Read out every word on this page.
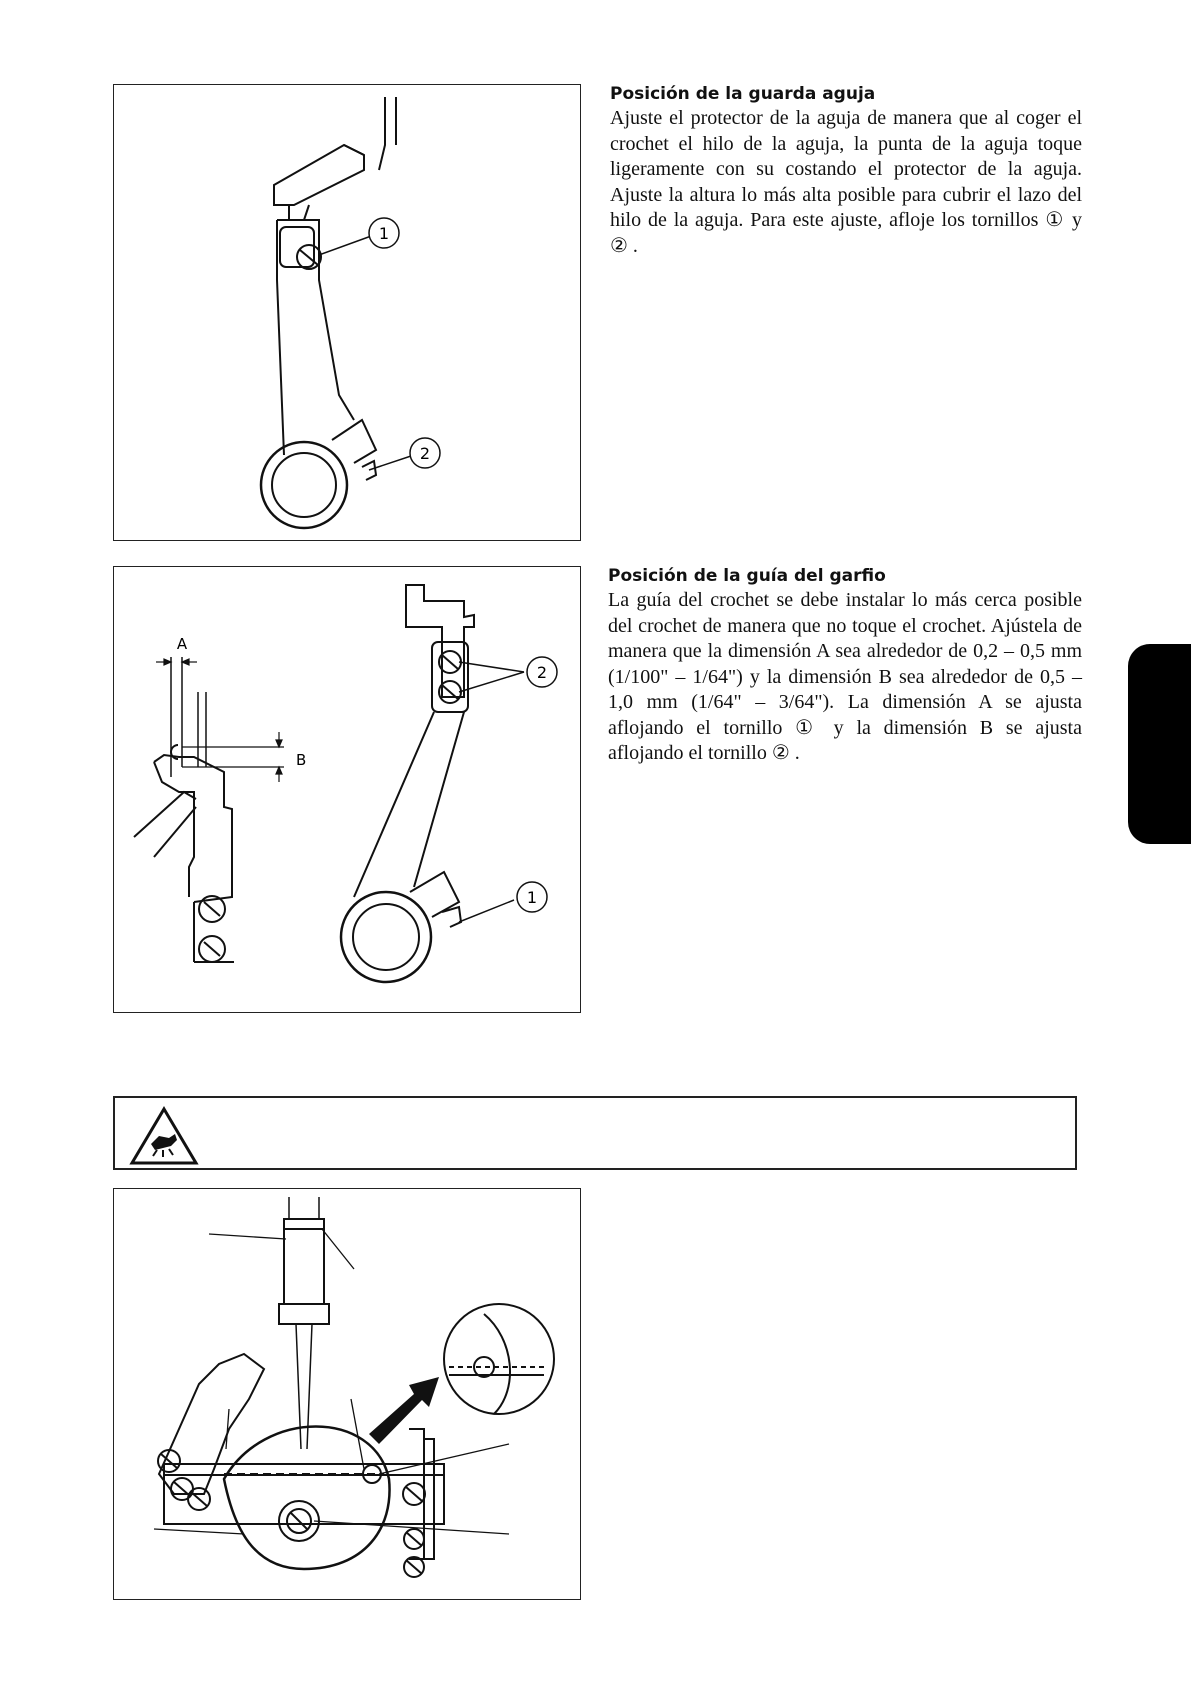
1
2
Posición de la guarda aguja

Ajuste el protector de la aguja de manera que al coger el crochet el hilo de la aguja, la punta de la aguja toque ligeramente con su costando el protector de la aguja. Ajuste la altura lo más alta posible para cubrir el lazo del hilo de la aguja. Para este ajuste, afloje los tornillos ① y ② .

A
B
2
1
Posición de la guía del garfio

La guía del crochet se debe instalar lo más cerca posible del crochet de manera que no toque el crochet. Ajústela de manera que la dimensión A sea alrededor de 0,2 – 0,5 mm (1/100" – 1/64") y la dimensión B sea alrededor de 0,5 – 1,0 mm (1/64" – 3/64"). La dimensión A se ajusta aflojando el tornillo ① y la dimensión B se ajusta aflojando el tornillo ② .
